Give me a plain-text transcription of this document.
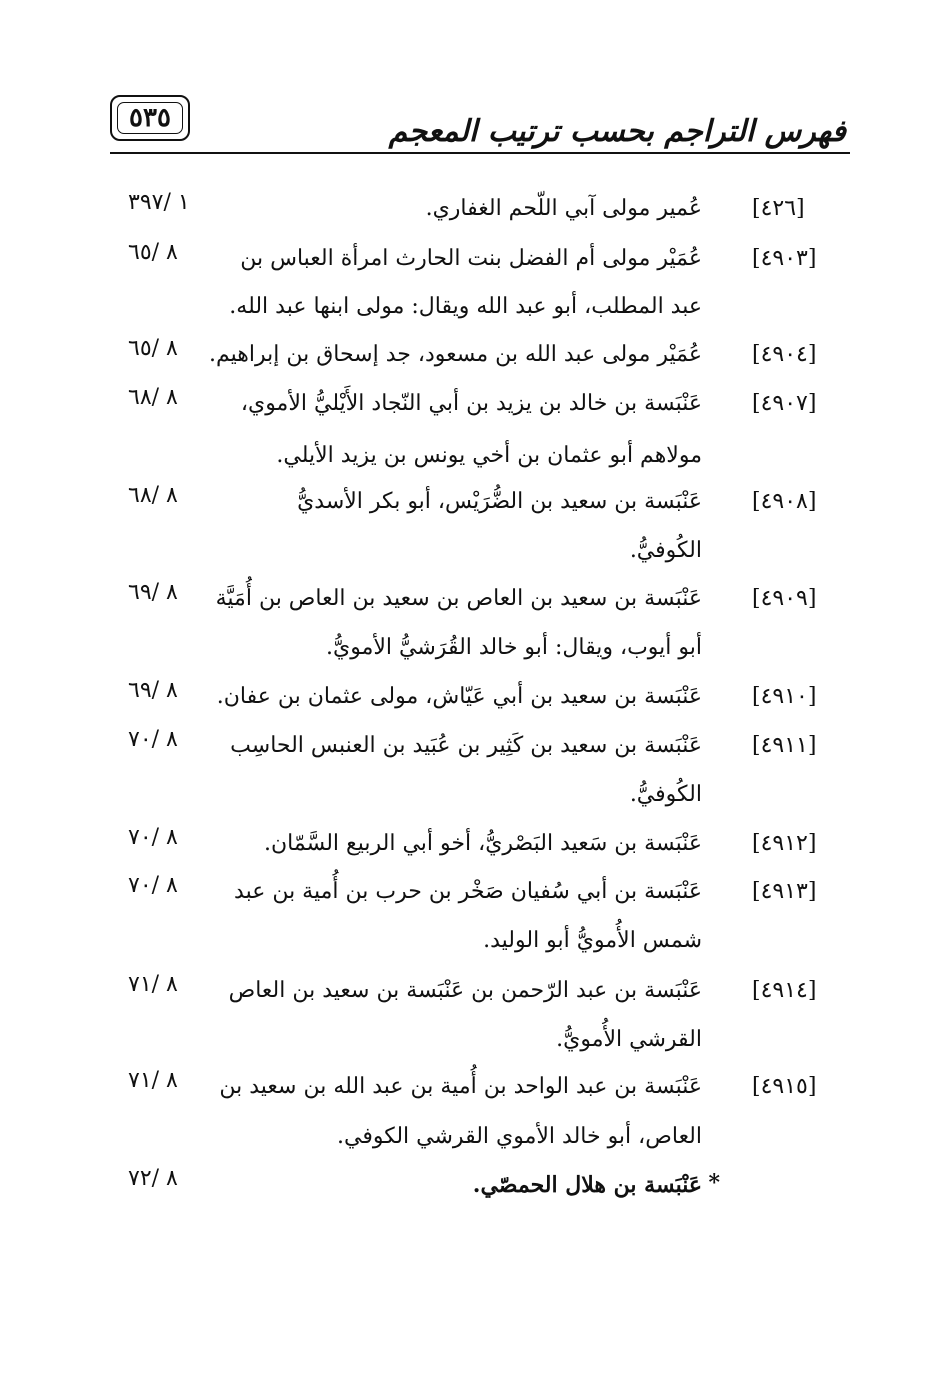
٥٣٥	فهرس التراجم بحسب ترتيب المعجم
[٤٢٦]
عُمير مولى آبي اللّحم الغفاري.
١ /٣٩٧
[٤٩٠٣]
عُمَيْر مولى أم الفضل بنت الحارث امرأة العباس بن
عبد المطلب، أبو عبد الله ويقال: مولى ابنها عبد الله.
٨ /٦٥
[٤٩٠٤]
عُمَيْر مولى عبد الله بن مسعود، جد إسحاق بن إبراهيم.
٨ /٦٥
[٤٩٠٧]
عَنْبَسة بن خالد بن يزيد بن أبي النّجاد الأَيْليُّ الأموي،
مولاهم أبو عثمان بن أخي يونس بن يزيد الأيلي.
٨ /٦٨
[٤٩٠٨]
عَنْبَسة بن سعيد بن الضُّرَيْس، أبو بكر الأسديُّ
الكُوفيُّ.
٨ /٦٨
[٤٩٠٩]
عَنْبَسة بن سعيد بن العاص بن سعيد بن العاص بن أُمَيَّة
أبو أيوب، ويقال: أبو خالد القُرَشيُّ الأمويُّ.
٨ /٦٩
[٤٩١٠]
عَنْبَسة بن سعيد بن أبي عَيّاش، مولى عثمان بن عفان.
٨ /٦٩
[٤٩١١]
عَنْبَسة بن سعيد بن كَثِير بن عُبَيد بن العنبس الحاسِب
الكُوفيُّ.
٨ /٧٠
[٤٩١٢]
عَنْبَسة بن سَعيد البَصْريُّ، أخو أبي الربيع السَّمّان.
٨ /٧٠
[٤٩١٣]
عَنْبَسة بن أبي سُفيان صَخْر بن حرب بن أُمية بن عبد
شمس الأُمويُّ أبو الوليد.
٨ /٧٠
[٤٩١٤]
عَنْبَسة بن عبد الرّحمن بن عَنْبَسة بن سعيد بن العاص
القرشي الأُمويُّ.
٨ /٧١
[٤٩١٥]
عَنْبَسة بن عبد الواحد بن أُمية بن عبد الله بن سعيد بن
العاص، أبو خالد الأموي القرشي الكوفي.
٨ /٧١
عَنْبَسة بن هلال الحمصّي. *
٨ /٧٢
